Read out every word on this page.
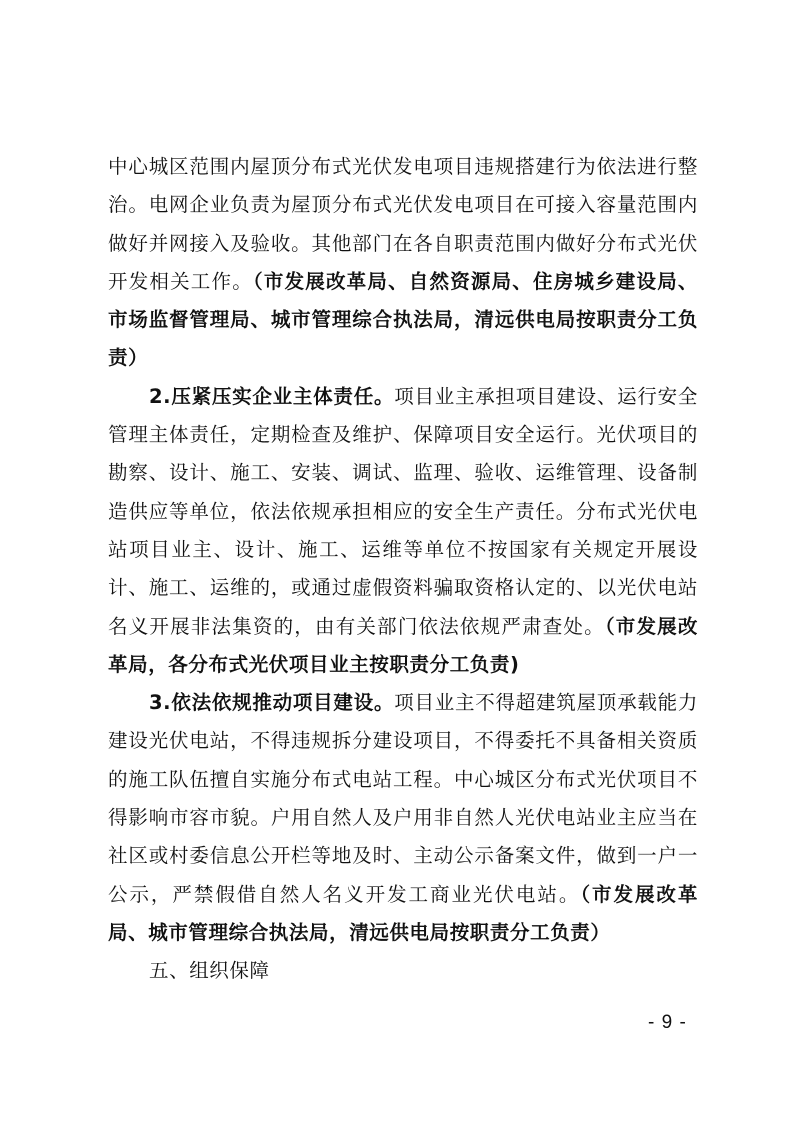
中心城区范围内屋顶分布式光伏发电项目违规搭建行为依法进行整治。电网企业负责为屋顶分布式光伏发电项目在可接入容量范围内做好并网接入及验收。其他部门在各自职责范围内做好分布式光伏开发相关工作。（市发展改革局、自然资源局、住房城乡建设局、市场监督管理局、城市管理综合执法局，清远供电局按职责分工负责）

2.压紧压实企业主体责任。项目业主承担项目建设、运行安全管理主体责任，定期检查及维护、保障项目安全运行。光伏项目的勘察、设计、施工、安装、调试、监理、验收、运维管理、设备制造供应等单位，依法依规承担相应的安全生产责任。分布式光伏电站项目业主、设计、施工、运维等单位不按国家有关规定开展设计、施工、运维的，或通过虚假资料骗取资格认定的、以光伏电站名义开展非法集资的，由有关部门依法依规严肃查处。（市发展改革局，各分布式光伏项目业主按职责分工负责)

3.依法依规推动项目建设。项目业主不得超建筑屋顶承载能力建设光伏电站，不得违规拆分建设项目，不得委托不具备相关资质的施工队伍擅自实施分布式电站工程。中心城区分布式光伏项目不得影响市容市貌。户用自然人及户用非自然人光伏电站业主应当在社区或村委信息公开栏等地及时、主动公示备案文件，做到一户一公示，严禁假借自然人名义开发工商业光伏电站。（市发展改革局、城市管理综合执法局，清远供电局按职责分工负责）

五、组织保障

- 9 -
